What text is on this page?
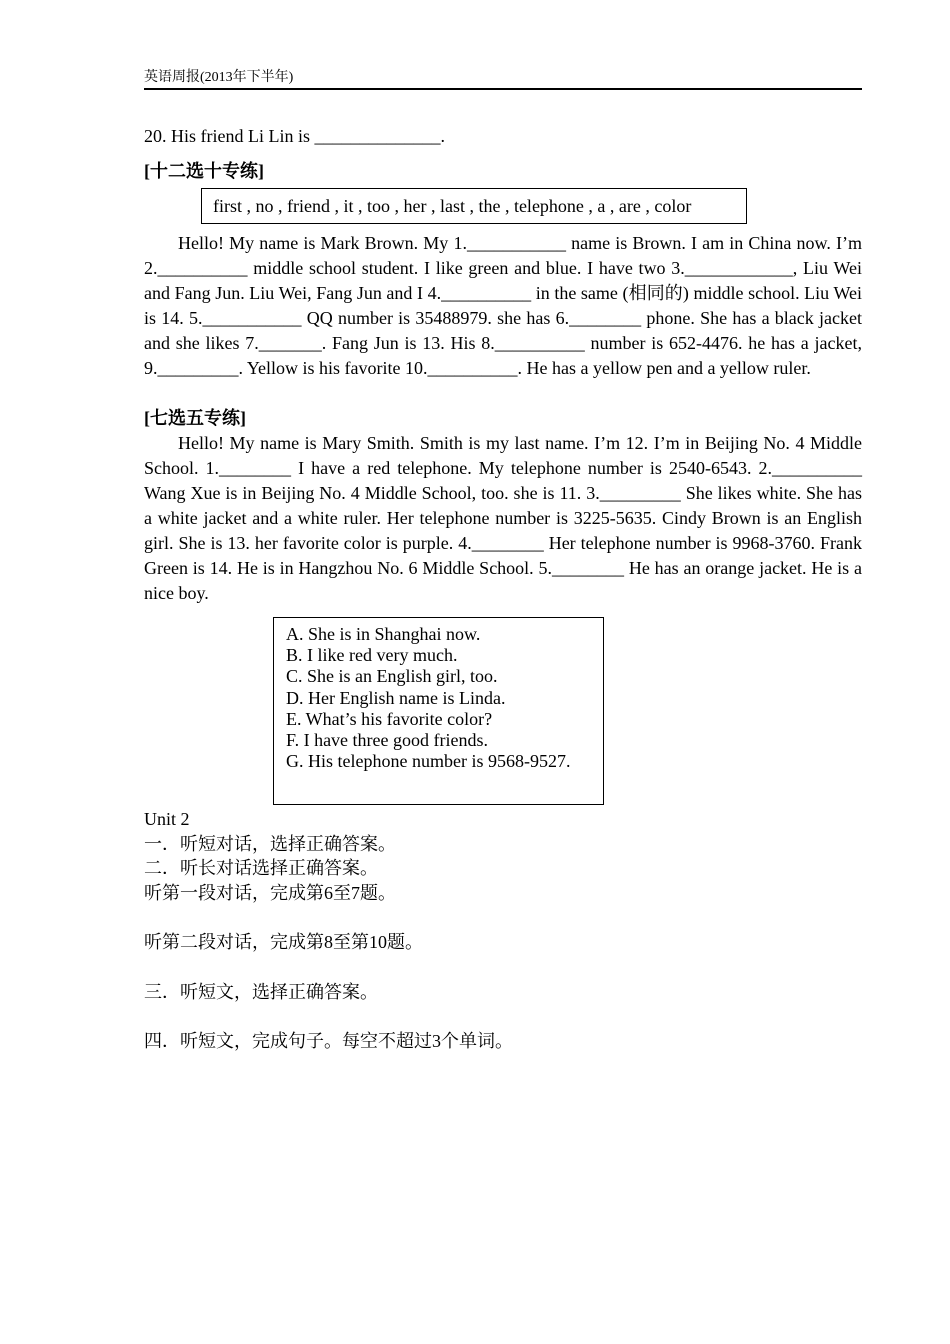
英语周报(2013年下半年)
20. His friend Li Lin is ______________.
[十二选十专练]
first , no , friend , it , too , her , last , the , telephone , a , are , color

Hello! My name is Mark Brown. My 1.___________ name is Brown. I am in China now. I’m 2.__________ middle school student. I like green and blue. I have two 3.____________, Liu Wei and Fang Jun. Liu Wei, Fang Jun and I 4.__________ in the same (相同的) middle school. Liu Wei is 14. 5.___________ QQ number is 35488979. she has 6.________ phone. She has a black jacket and she likes 7._______. Fang Jun is 13. His 8.__________ number is 652-4476. he has a jacket, 9._________. Yellow is his favorite 10.__________. He has a yellow pen and a yellow ruler.

[七选五专练]

Hello! My name is Mary Smith. Smith is my last name. I’m 12. I’m in Beijing No. 4 Middle School. 1.________ I have a red telephone. My telephone number is 2540-6543. 2.__________ Wang Xue is in Beijing No. 4 Middle School, too. she is 11. 3._________ She likes white. She has a white jacket and a white ruler. Her telephone number is 3225-5635. Cindy Brown is an English girl. She is 13. her favorite color is purple. 4.________ Her telephone number is 9968-3760. Frank Green is 14. He is in Hangzhou No. 6 Middle School. 5.________ He has an orange jacket. He is a nice boy.

A. She is in Shanghai now.
B. I like red very much.
C. She is an English girl, too.
D. Her English name is Linda.
E. What’s his favorite color?
F. I have three good friends.
G. His telephone number is 9568-9527.
Unit 2
一．听短对话，选择正确答案。
二．听长对话选择正确答案。
听第一段对话，完成第6至7题。
听第二段对话，完成第8至第10题。
三．听短文，选择正确答案。
四．听短文，完成句子。每空不超过3个单词。
